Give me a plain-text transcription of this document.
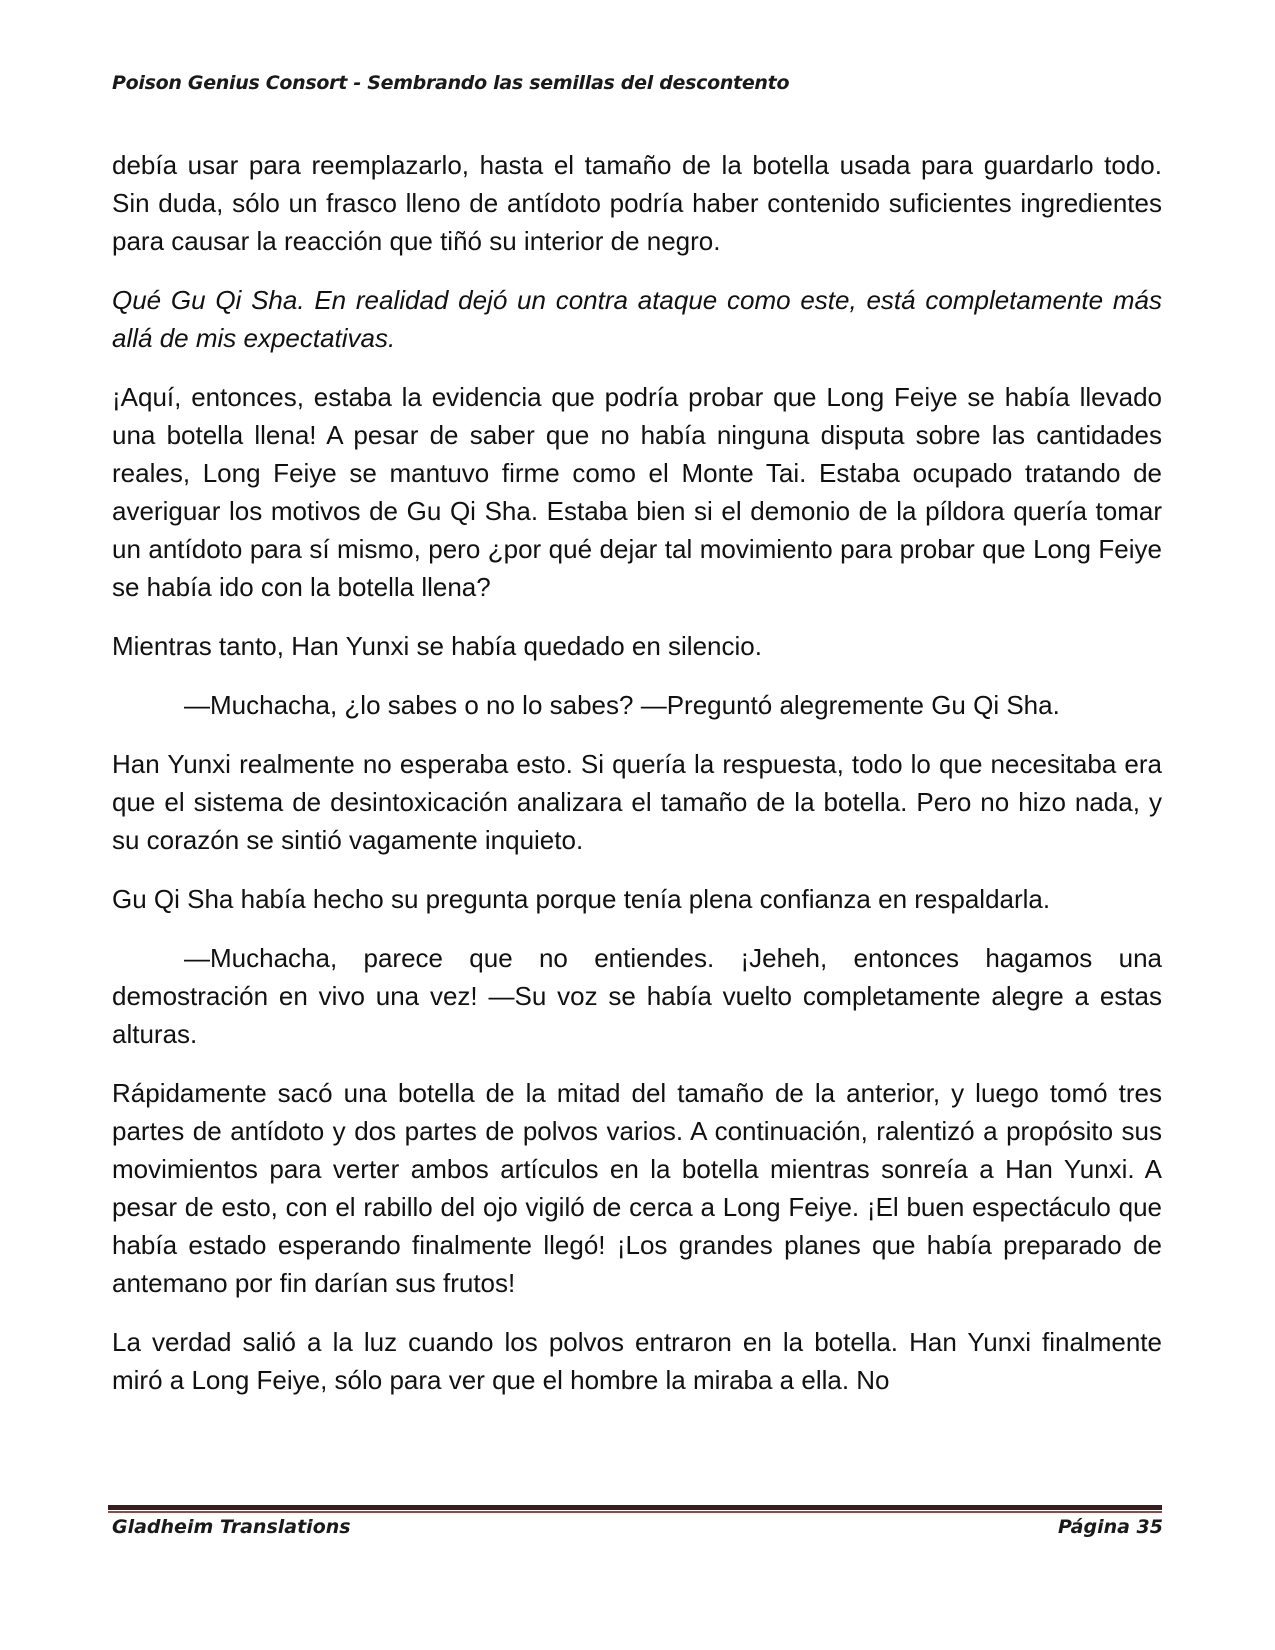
Poison Genius Consort - Sembrando las semillas del descontento

debía usar para reemplazarlo, hasta el tamaño de la botella usada para guardarlo todo. Sin duda, sólo un frasco lleno de antídoto podría haber contenido suficientes ingredientes para causar la reacción que tiñó su interior de negro.

Qué Gu Qi Sha. En realidad dejó un contra ataque como este, está completamente más allá de mis expectativas.

¡Aquí, entonces, estaba la evidencia que podría probar que Long Feiye se había llevado una botella llena! A pesar de saber que no había ninguna disputa sobre las cantidades reales, Long Feiye se mantuvo firme como el Monte Tai. Estaba ocupado tratando de averiguar los motivos de Gu Qi Sha. Estaba bien si el demonio de la píldora quería tomar un antídoto para sí mismo, pero ¿por qué dejar tal movimiento para probar que Long Feiye se había ido con la botella llena?

Mientras tanto, Han Yunxi se había quedado en silencio.

—Muchacha, ¿lo sabes o no lo sabes? —Preguntó alegremente Gu Qi Sha.

Han Yunxi realmente no esperaba esto. Si quería la respuesta, todo lo que necesitaba era que el sistema de desintoxicación analizara el tamaño de la botella. Pero no hizo nada, y su corazón se sintió vagamente inquieto.

Gu Qi Sha había hecho su pregunta porque tenía plena confianza en respaldarla.

—Muchacha, parece que no entiendes. ¡Jeheh, entonces hagamos una demostración en vivo una vez! —Su voz se había vuelto completamente alegre a estas alturas.

Rápidamente sacó una botella de la mitad del tamaño de la anterior, y luego tomó tres partes de antídoto y dos partes de polvos varios. A continuación, ralentizó a propósito sus movimientos para verter ambos artículos en la botella mientras sonreía a Han Yunxi. A pesar de esto, con el rabillo del ojo vigiló de cerca a Long Feiye. ¡El buen espectáculo que había estado esperando finalmente llegó! ¡Los grandes planes que había preparado de antemano por fin darían sus frutos!

La verdad salió a la luz cuando los polvos entraron en la botella. Han Yunxi finalmente miró a Long Feiye, sólo para ver que el hombre la miraba a ella. No

Gladheim Translations	Página 35
